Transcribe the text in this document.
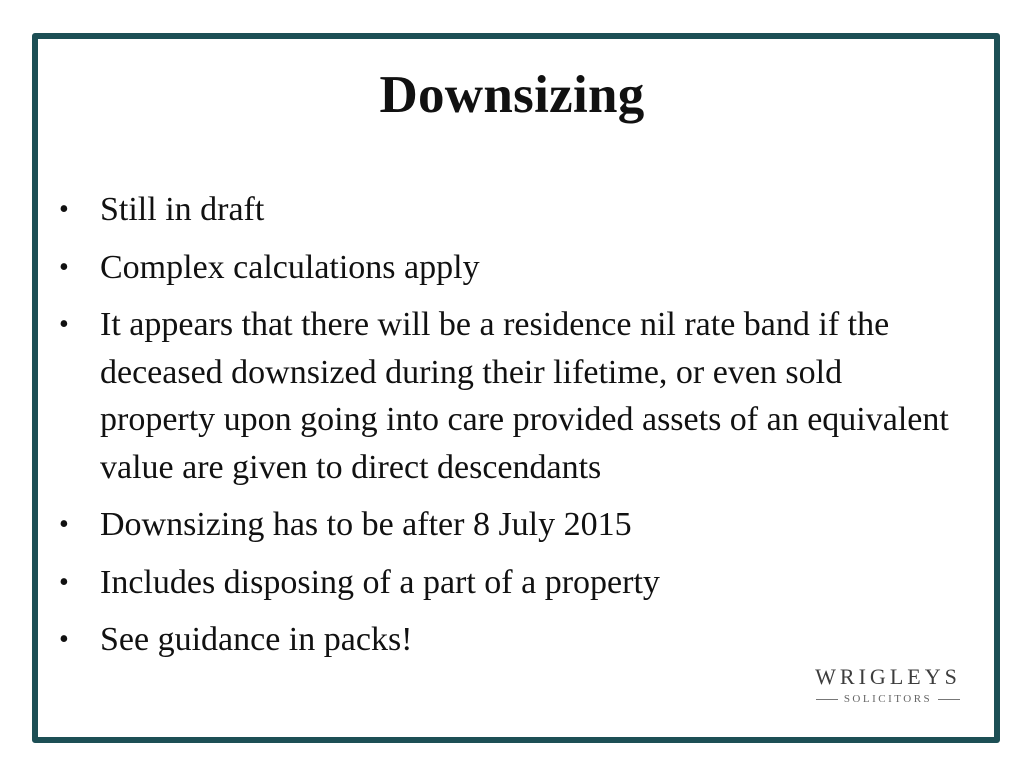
Downsizing
• Still in draft
• Complex calculations apply
• It appears that there will be a residence nil rate band if the deceased downsized during their lifetime, or even sold property upon going into care provided assets of an equivalent value are given to direct descendants
• Downsizing has to be after 8 July 2015
• Includes disposing of a part of a property
• See guidance in packs!
WRIGLEYS
SOLICITORS
